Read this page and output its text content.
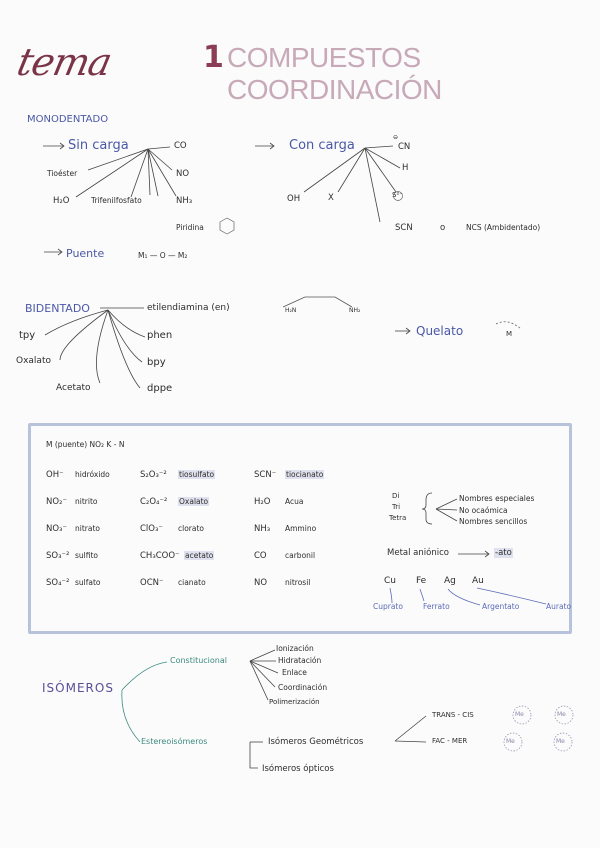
tema	1 COMPUESTOS COORDINACIÓN
MONODENTADO
Sin carga	CO
NO
NH₃
Tioéster
H₂O	Trifenilfosfato
Piridina
Con carga
⊖
CN
H
S²⁻
OH	X
SCN	o	NCS (Ambidentado)
Puente	M₁ — O — M₂
BIDENTADO	etilendiamina (en)
phen
bpy
dppe
Acetato
Oxalato
tpy
H₂N	NH₂
Quelato	M
M (puente) NO₂ K - N
OH⁻ hidróxido	S₂O₃⁻² tiosulfato	SCN⁻ tiocianato
NO₂⁻ nitrito	C₂O₄⁻² Oxalato	H₂O Acua
NO₃⁻ nitrato	ClO₃⁻ clorato	NH₃ Ammino
SO₃⁻² sulfito	CH₃COO⁻ acetato	CO carbonil
SO₄⁻² sulfato	OCN⁻ cianato	NO nitrosil
Di
Tri
Tetra
Nombres especiales
No ocaómica
Nombres sencillos
Metal aniónico	-ato
Cu Fe Ag Au
Cuprato	Ferrato	Argentato	Aurato
ISÓMEROS
Constitucional
Ionización
Hidratación
Enlace
Coordinación
Polimerización
Estereoisómeros	Isómeros Geométricos
Isómeros ópticos
TRANS - CIS
FAC - MER
Me	Me
Me	Me
